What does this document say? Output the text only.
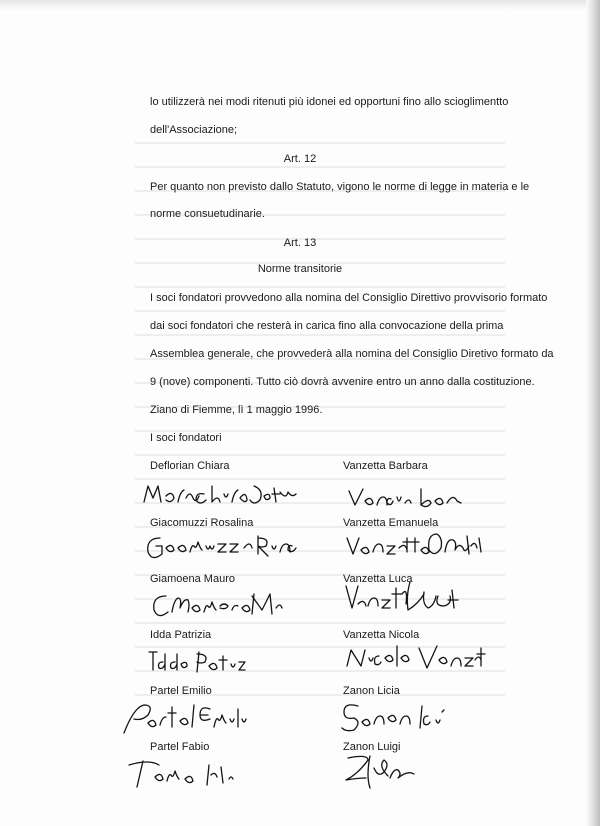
lo utilizzerà nei modi ritenuti più idonei ed opportuni fino allo scioglimentto
dell'Associazione;
Art. 12
Per quanto non previsto dallo Statuto, vigono le norme di legge in materia e le
norme consuetudinarie.
Art. 13
Norme transitorie
I soci fondatori provvedono alla nomina del Consiglio Direttivo provvisorio formato
dai soci fondatori che resterà in carica fino alla convocazione della prima
Assemblea generale, che provvederà alla nomina del Consiglio Diretivo formato da
9 (nove) componenti. Tutto ciò dovrà avvenire entro un anno dalla costituzione.
Ziano di Fiemme, lì 1 maggio 1996.
I soci fondatori
Deflorian Chiara
Giacomuzzi Rosalina
Giamoena Mauro
Idda Patrizia
Partel Emilio
Partel Fabio
Vanzetta Barbara
Vanzetta Emanuela
Vanzetta Luca
Vanzetta Nicola
Zanon Licia
Zanon Luigi
